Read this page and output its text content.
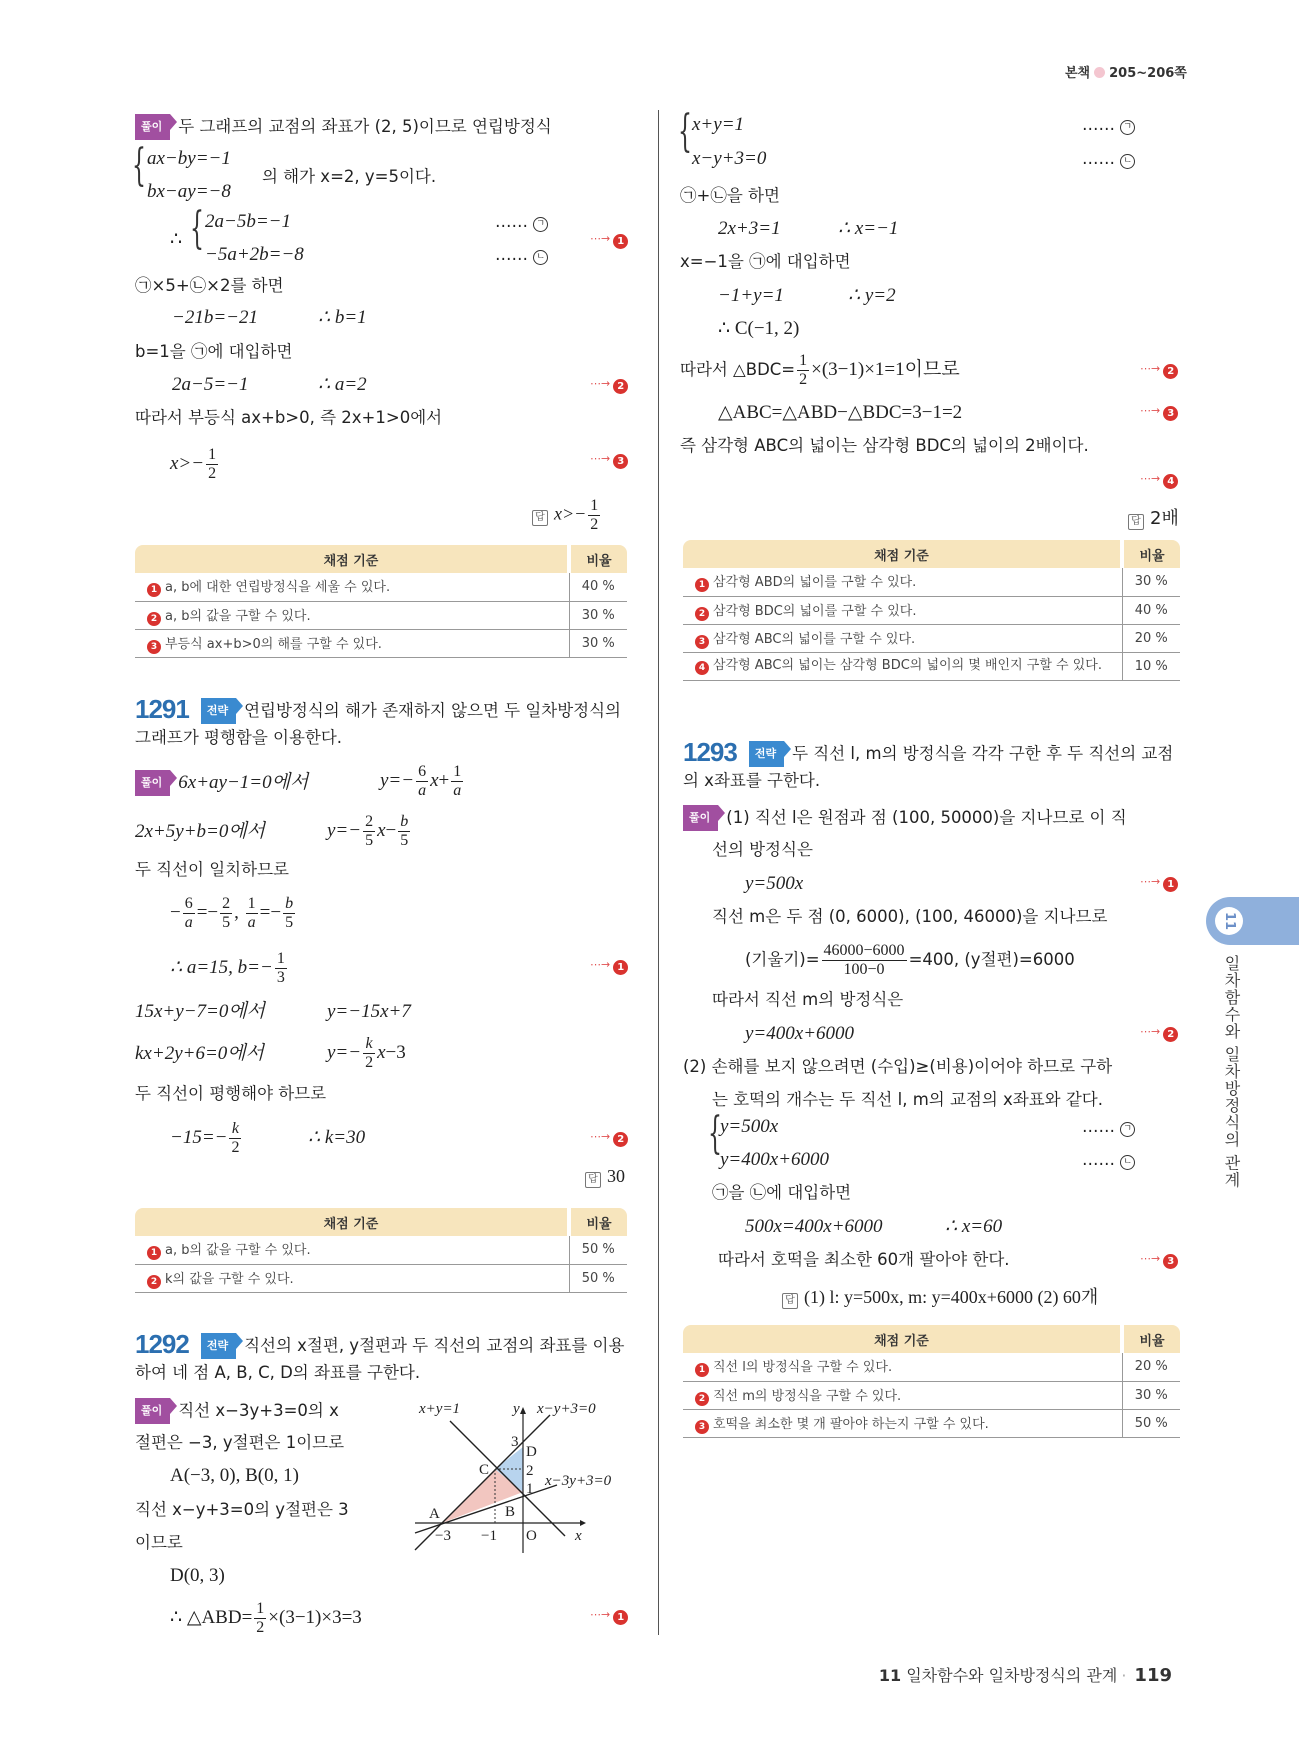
본책 205~206쪽
풀이 두 그래프의 교점의 좌표가 (2, 5)이므로 연립방정식
{ ax−by=−1
bx−ay=−8
의 해가 x=2, y=5이다.
∴ { 2a−5b=−1
−5a+2b=−8
…… ㄱ
…… ㄴ
⋯→ 1
㉠×5+㉡×2를 하면
−21b=−21	∴ b=1
b=1을 ㉠에 대입하면
2a−5=−1	∴ a=2	⋯→ 2
따라서 부등식 ax+b>0, 즉 2x+1>0에서
$x>- \frac{1}{2}$	⋯→ 3
답 $x>- \frac{1}{2}$
채점 기준	비율
1 a, b에 대한 연립방정식을 세울 수 있다.	40 %
2 a, b의 값을 구할 수 있다.	30 %
3 부등식 ax+b>0의 해를 구할 수 있다.	30 %
1291 전략 연립방정식의 해가 존재하지 않으면 두 일차방정식의
그래프가 평행함을 이용한다.
풀이 6x+ay−1=0에서	$y=- \frac{6}{a} x+ \frac{1}{a}$
2x+5y+b=0에서	$y=- \frac{2}{5} x- \frac{b}{5}$
두 직선이 일치하므로
− $\frac{6}{a} =- \frac{2}{5}$ , $\frac{1}{a} =- \frac{b}{5}$
∴ a=15, $b=- \frac{1}{3}$	⋯→ 1
15x+y−7=0에서	y=−15x+7
kx+2y+6=0에서	$y=- \frac{k}{2} x-3$
두 직선이 평행해야 하므로
$-15=- \frac{k}{2}$	∴ k=30	⋯→ 2
답 30
채점 기준	비율
1 a, b의 값을 구할 수 있다.	50 %
2 k의 값을 구할 수 있다.	50 %
1292 전략 직선의 x절편, y절편과 두 직선의 교점의 좌표를 이용
하여 네 점 A, B, C, D의 좌표를 구한다.
풀이 직선 x−3y+3=0의 x
절편은 −3, y절편은 1이므로
A(−3, 0), B(0, 1)
직선 x−y+3=0의 y절편은 3
이므로
D(0, 3)
∴ △ABD= $\frac{1}{2} \times(3-1)\times 3=3$	⋯→ 1
x+y=1	y x−y+3=0
x−3y+3=0
A	B
C
D
O	x
−3 −1
1
2
3
{ x+y=1
x−y+3=0
…… ㄱ
…… ㄴ
㉠+㉡을 하면
2x+3=1	∴ x=−1
x=−1을 ㉠에 대입하면
−1+y=1	∴ y=2
∴ C(−1, 2)
따라서 △BDC= $\frac{1}{2} \times(3-1)\times 1=1$이므로	⋯→ 2
△ABC=△ABD−△BDC=3−1=2	⋯→ 3
즉 삼각형 ABC의 넓이는 삼각형 BDC의 넓이의 2배이다.
⋯→ 4
답 2배
채점 기준	비율
1 삼각형 ABD의 넓이를 구할 수 있다.	30 %
2 삼각형 BDC의 넓이를 구할 수 있다.	40 %
3 삼각형 ABC의 넓이를 구할 수 있다.	20 %
4 삼각형 ABC의 넓이는 삼각형 BDC의 넓이의 몇 배인지 구할 수 있다.	10 %
1293 전략 두 직선 l, m의 방정식을 각각 구한 후 두 직선의 교점
의 x좌표를 구한다.
풀이 (1) 직선 l은 원점과 점 (100, 50000)을 지나므로 이 직
선의 방정식은
y=500x	⋯→ 1
직선 m은 두 점 (0, 6000), (100, 46000)을 지나므로
(기울기)= $\frac{46000-6000}{100-0} =400$, (y절편)=6000
따라서 직선 m의 방정식은
y=400x+6000	⋯→ 2
(2) 손해를 보지 않으려면 (수입)≥(비용)이어야 하므로 구하
는 호떡의 개수는 두 직선 l, m의 교점의 x좌표와 같다.
{
y=500x
y=400x+6000
…… ㄱ
…… ㄴ
㉠을 ㉡에 대입하면
500x=400x+6000	∴ x=60
따라서 호떡을 최소한 60개 팔아야 한다.	⋯→ 3
답 (1) l: y=500x, m: y=400x+6000 (2) 60개
채점 기준	비율
1 직선 l의 방정식을 구할 수 있다.	20 %
2 직선 m의 방정식을 구할 수 있다.	30 %
3 호떡을 최소한 몇 개 팔아야 하는지 구할 수 있다.	50 %
11
일차함수와 일차방정식의 관계
11 일차함수와 일차방정식의 관계 · 119
